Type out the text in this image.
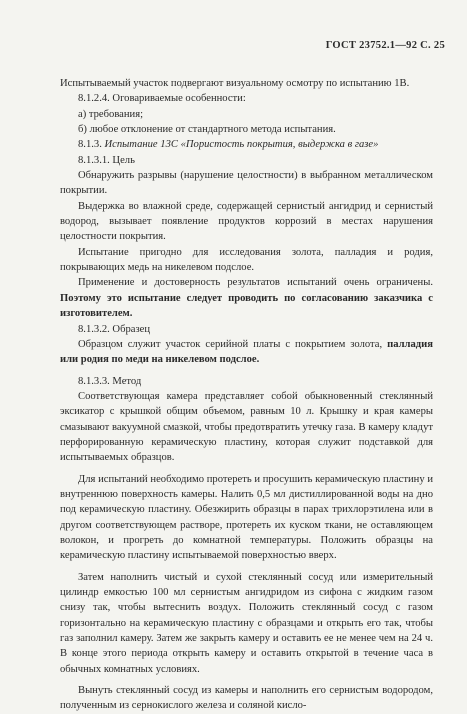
ГОСТ 23752.1—92 С. 25

Испытываемый участок подвергают визуальному осмотру по испытанию 1В.

8.1.2.4. Оговариваемые особенности:

а) требования;

б) любое отклонение от стандартного метода испытания.

8.1.3. Испытание 13С «Пористость покрытия, выдержка в газе»

8.1.3.1. Цель

Обнаружить разрывы (нарушение целостности) в выбранном металлическом покрытии.

Выдержка во влажной среде, содержащей сернистый ангидрид и сернистый водород, вызывает появление продуктов коррозий в местах нарушения целостности покрытия.

Испытание пригодно для исследования золота, палладия и родия, покрывающих медь на никелевом подслое.

Применение и достоверность результатов испытаний очень ограничены. Поэтому это испытание следует проводить по согласованию заказчика с изготовителем.

8.1.3.2. Образец

Образцом служит участок серийной платы с покрытием золота, палладия или родия по меди на никелевом подслое.

8.1.3.3. Метод

Соответствующая камера представляет собой обыкновенный стеклянный эксикатор с крышкой общим объемом, равным 10 л. Крышку и края камеры смазывают вакуумной смазкой, чтобы предотвратить утечку газа. В камеру кладут перфорированную керамическую пластину, которая служит подставкой для испытываемых образцов.

Для испытаний необходимо протереть и просушить керамическую пластину и внутреннюю поверхность камеры. Налить 0,5 мл дистиллированной воды на дно под керамическую пластину. Обезжирить образцы в парах трихлорэтилена или в другом соответствующем растворе, протереть их куском ткани, не оставляющем волокон, и прогреть до комнатной температуры. Положить образцы на керамическую пластину испытываемой поверхностью вверх.

Затем наполнить чистый и сухой стеклянный сосуд или измерительный цилиндр емкостью 100 мл сернистым ангидридом из сифона с жидким газом снизу так, чтобы вытеснить воздух. Положить стеклянный сосуд с газом горизонтально на керамическую пластину с образцами и открыть его так, чтобы газ заполнил камеру. Затем же закрыть камеру и оставить ее не менее чем на 24 ч. В конце этого периода открыть камеру и оставить открытой в течение часа в обычных комнатных условиях.

Вынуть стеклянный сосуд из камеры и наполнить его сернистым водородом, полученным из сернокислого железа и соляной кисло-
